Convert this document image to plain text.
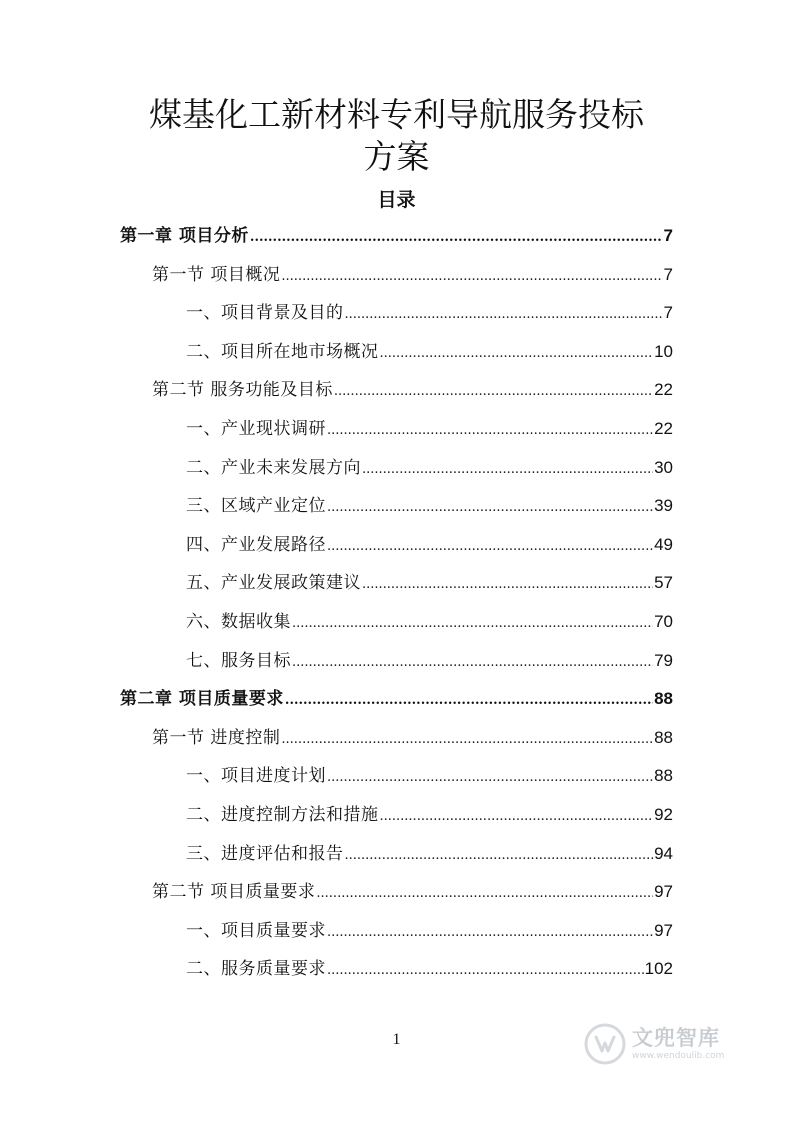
煤基化工新材料专利导航服务投标
方案
目录
第一章 项目分析 .....	7
第一节 项目概况 .....	7
一、项目背景及目的 .....	7
二、项目所在地市场概况 .....	10
第二节 服务功能及目标 .....	22
一、产业现状调研 .....	22
二、产业未来发展方向 .....	30
三、区域产业定位 .....	39
四、产业发展路径 .....	49
五、产业发展政策建议 .....	57
六、数据收集 .....	70
七、服务目标 .....	79
第二章 项目质量要求 .....	88
第一节 进度控制 .....	88
一、项目进度计划 .....	88
二、进度控制方法和措施 .....	92
三、进度评估和报告 .....	94
第二节 项目质量要求 .....	97
一、项目质量要求 .....	97
二、服务质量要求 .....	102
1	文兜智库
www.wendoulib.com
